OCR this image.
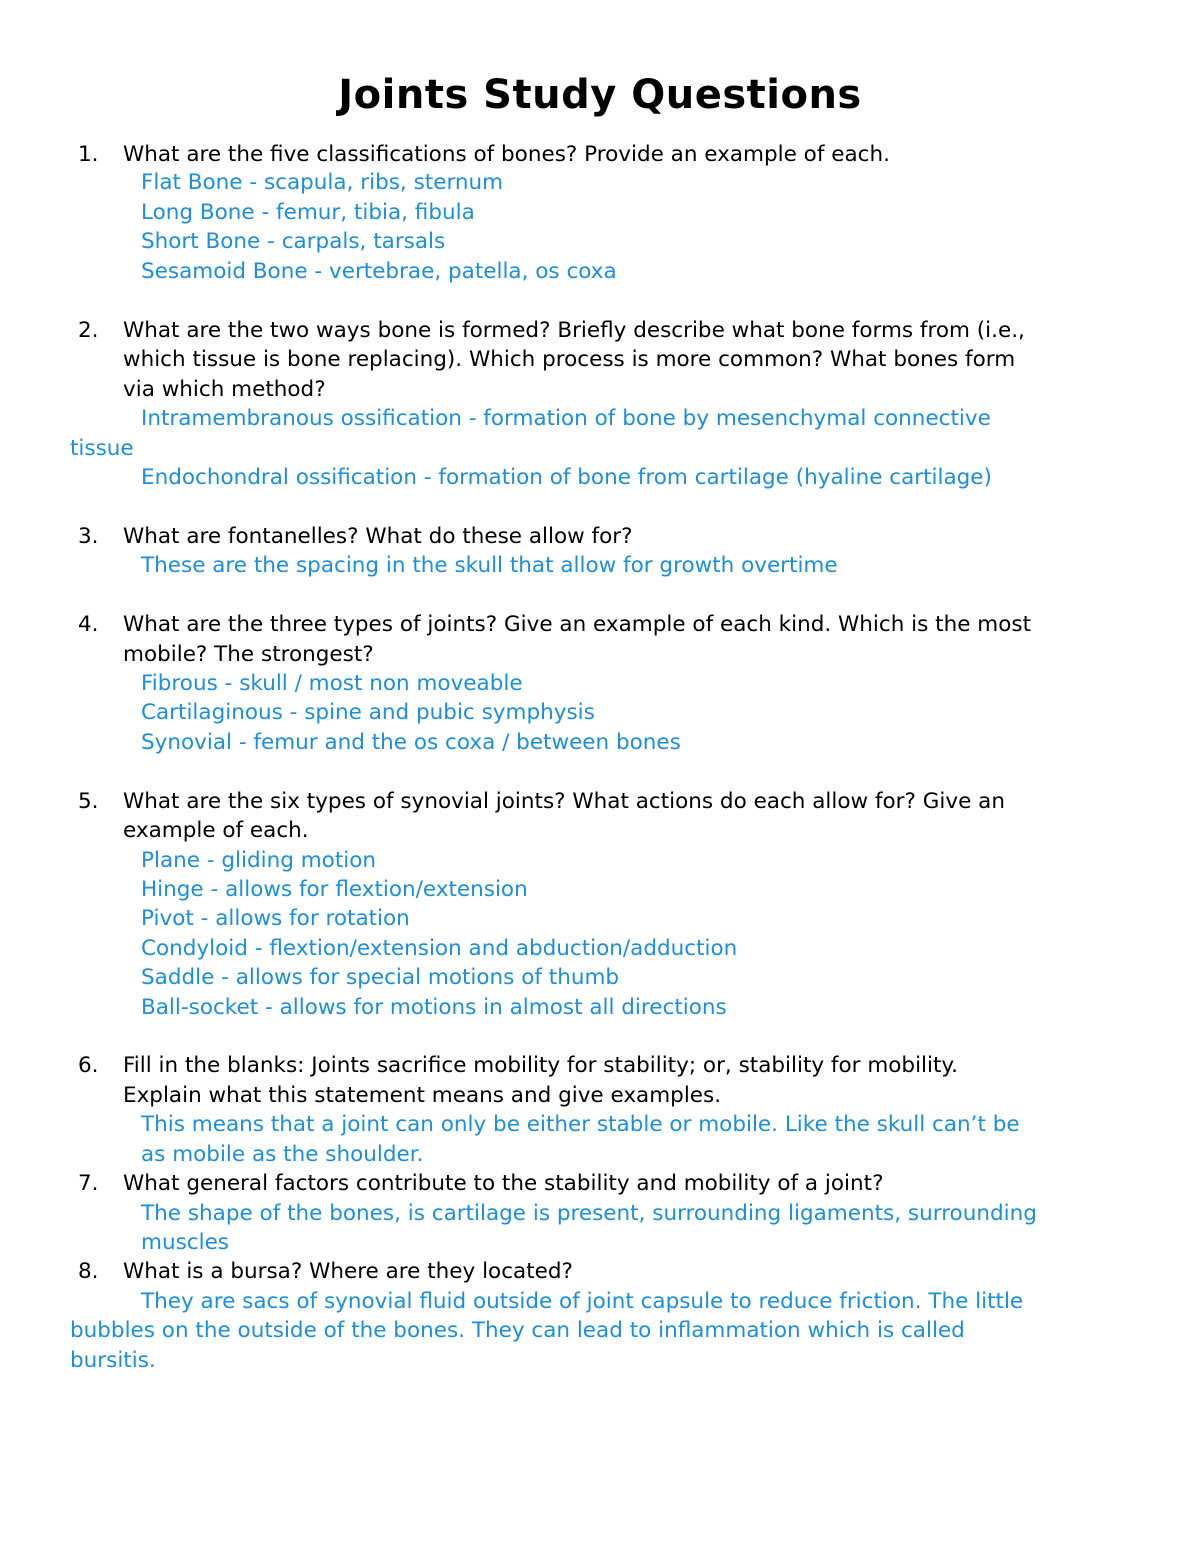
Joints Study Questions
1. What are the five classifications of bones? Provide an example of each.

Flat Bone - scapula, ribs, sternum

Long Bone - femur, tibia, fibula

Short Bone - carpals, tarsals

Sesamoid Bone - vertebrae, patella, os coxa

2. What are the two ways bone is formed? Briefly describe what bone forms from (i.e.,

which tissue is bone replacing). Which process is more common? What bones form

via which method?

Intramembranous ossification - formation of bone by mesenchymal connective

tissue

Endochondral ossification - formation of bone from cartilage (hyaline cartilage)

3. What are fontanelles? What do these allow for?

These are the spacing in the skull that allow for growth overtime

4. What are the three types of joints? Give an example of each kind. Which is the most

mobile? The strongest?

Fibrous - skull / most non moveable

Cartilaginous - spine and pubic symphysis

Synovial - femur and the os coxa / between bones

5. What are the six types of synovial joints? What actions do each allow for? Give an

example of each.

Plane - gliding motion

Hinge - allows for flextion/extension

Pivot - allows for rotation

Condyloid - flextion/extension and abduction/adduction

Saddle - allows for special motions of thumb

Ball-socket - allows for motions in almost all directions

6. Fill in the blanks: Joints sacrifice mobility for stability; or, stability for mobility.

Explain what this statement means and give examples.

This means that a joint can only be either stable or mobile. Like the skull can’t be

as mobile as the shoulder.

7. What general factors contribute to the stability and mobility of a joint?

The shape of the bones, is cartilage is present, surrounding ligaments, surrounding

muscles

8. What is a bursa? Where are they located?

They are sacs of synovial fluid outside of joint capsule to reduce friction. The little

bubbles on the outside of the bones. They can lead to inflammation which is called

bursitis.
